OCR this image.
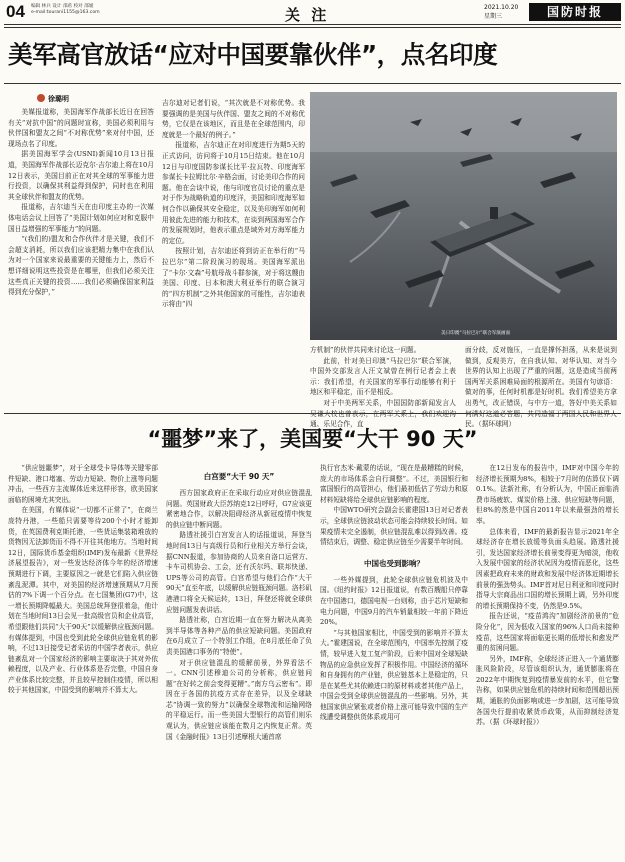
04 编辑 林兵 设计 邵希 校对 邵媛
e-mail:tourani1155@163.com	关 注	2021.10.20
星期三	国防时报
美军高官放话“应对中国要靠伙伴”，点名印度
徐璐明

美媒报道称，美国海军作战部长近日在回答有关“对抗中国”的问题时宣称，美国必须利用与伙伴国和盟友之间“不对称优势”来对付中国，还现场点名了印度。

据美国海军学会(USNI)新闻10月13日报道，美国海军作战部长迈克尔·吉尔迪上将在10月12日表示，美国目前正在对其全球的军事能力进行投资，以确保其利益得到保护，同时也在利用其全球伙伴和盟友的优势。

报道称，吉尔迪当天在由印度主办的一次媒体电话会议上回答了“美国计划如何应对和克服中国日益增强的军事能力”的问题。

“(我们的)盟友和合作伙伴才是关键，我们不会超支消耗，所以我们应该把精力集中在我们认为对一个国家来说最重要的关键能力上，然后不想详细说明这些投资是在哪里，但我们必须关注这些真正关键的投资……我们必须确保国家利益得到充分保护，”

吉尔迪对记者们说，“其次就是不对称优势。我要强调的是美国与伙伴国、盟友之间的不对称优势，它仅是在该地区，而且是在全球范围内，印度就是一个最好的例子。”

报道称，吉尔迪正在对印度进行为期5天的正式访问，访问将于10月15日结束。他在10月12日与印度国防参谋长比平·拉瓦特、印度海军参谋长卡拉姆比尔·辛格会面，讨论美印合作的问题。他在会谈中说，他与印度官员讨论的重点是对于作为战略轨道的印度洋，美国和印度海军如何合作以确保其安全稳定，以及美印海军如何利用彼此先进的能力和技术，在谈到两国海军合作的发展规划时，他表示重点是域外对方海军能力的定位。

按照计划，吉尔迪还将到访正在举行的“马拉巴尔”第二阶段演习的现场。美国海军派出了“卡尔·文森”号航母战斗群参演，对于将这艘由美国、印度、日本和澳大利亚举行的联合演习的“四方机制”之外其他国家的可能性，吉尔迪表示将由“四

美日印澳“马拉巴尔”联合军演画面

方机制”的伙伴共同来讨论这一问题。

此前，针对美日印澳“马拉巴尔”联合军演，中国外交部发言人汪文斌曾在例行记者会上表示：我们希望，有关国家的军事行动能够有利于地区和平稳定，而不是相反。

对于中美两军关系，中国国防部新闻发言人吴谦大校也曾表示，在两军关系上，我们欢迎沟通、乐见合作，直

面分歧，反对施压，一直是撑怀担荡，从来是说到做到，反观美方，在自我认知、对华认知、对当今世界的认知上出现了严重的问题，这是造成当前两国两军关系困难局面的根源所在。美国有句谚语：做对的事，任何时机都是好时机。我们希望美方拿出勇气，改正错误，与中方一道，答好中美关系如何满好这道必答题，共同造福于两国人民和世界人民。（据环球网）

“噩梦”来了，美国要“大干 90 天”

“供应链噩梦”，对于全球受卡导体等关键零部件短缺、港口堵塞、劳动力短缺、物价上涨等问题冲击，一些西方主流媒体近来这样形容，欧美国家面临的困境尤其突出。

在美国，有媒体说“一切都不正常了”，在商兰庞特丹港，一些船只需要等待200个小时才能卸货，在英国费利克斯托港，一些货运集装箱堆放的货物因无法卸货而不得不开往其他地方。当地时间12日，国际货币基金组织(IMF)发布最新《世界经济展望报告》，对一些发达经济体今年的经济增速预期进行下调，主要原因之一就是它们陷入供应链紊乱泥潭。其中，对美国的经济增速预期从7月预估的7%下调一个百分点。在七国集团(G7)中，这一增长预期降幅最大。美国总统拜登很着急，他计划在当地时间13日会见一批高级官员和企业高管，希望跟他们共同“大干90天”以缓解供应瓶颈问题。有媒体提到，中国也受到此轮全球供应链危机的影响，不过13日接受记者采访的中国学者表示，供应链紊乱对一个国家经济的影响主要取决于其对外依赖程度，以及产业、行业体系是否完整，中国自身产业体系比较完整，并且较早控制住疫情，所以相较于其他国家，中国受到的影响并不算太大。

白宫要“大干 90 天”

西方国家政府正在采取行动应对供应链混乱问题。英国财政大臣苏纳克12日呼吁，G7应该更紧密地合作，以解决阻碍经济从新冠疫情中恢复的供应链中断问题。

路透社援引白宫发言人的话报道说，拜登当地时间13日与高级行员和行业相关方举行会谈，据CNN报道，参加协商的人员来自洛口运营方、卡车司机协会、工会，还有沃尔玛、联邦快递、UPS等公司的高管。白宫希望与他们合作“大干90天”直至年底，以缓解供应链瓶颈问题。洛杉矶港港口将全天候运转，13日，拜登还将就全球供应链问题发表讲话。

路透社称，白宫近期一直在努力解决从离美到半导体等各种产品的供应短缺问题。美国政府在6月成立了一个特别工作组，在8月底任命了负责美国港口事务的“特使”。

对于供应链混乱的缓解前景，外界看法不一。CNN引述穆迪公司的分析称，供应链问题“在好转之前会变得更糟”。”南方乌云密布”。即因在于各国的抗疫方式存在差异，以及全球缺芯”协调一致的努力”以确保全球物流和运输网络的平稳运行。而一些美国大型银行的高管们则乐观认为，供应链应该能在数月之内恢复正常。英国《金融时报》13日引述摩根大通首席

执行官杰米·戴蒙的话说，“现在是最糟糕的时候，庞大的市场体系会自行调整”。不过，美国银行和富国银行的高管担心，他们最初低估了劳动力和原材料短缺将给全球供应链影响的程度。

中国WTO研究会副会长霍建国13日对记者表示，全球供应链波动状态可能会持续较长时间。如果疫情未完全遏制，供应链混乱难以得到改善。疫情结束后，调整、稳定供应链至少需要半年时间。

中国也受到影响？

一些外媒提到，此轮全球供应链危机波及中国。《纽约时报》12日报道说，有数百艘船只停靠在中国港口，德国电视一台则称，由于芯片短缺和电力问题，中国9月的汽车销量相较一年前下降近20%。

“与其他国家相比，中国受到的影响并不算太大。”霍建国说，在全球范围内，中国率先控制了疫情，较早进入复工复产阶段，后来中国对全球短缺物品的应急供应发挥了积极作用。中国经济的循环和自身拥有的产业链，供应链基本上是稳定的，只是在某些尤其依赖进口的原材料或者其他产品上，中国会受到全球供应链混乱的一些影响。另外，其他国家供应紧张或者价格上涨可能导致中国的生产线遭受调整供货体系或用可

在12日发布的报告中，IMF对中国今年的经济增长预期为8%，相较于7月时的估算仅下调0.1%。法新社称，有分析认为，中国正面临消费市场疲软、煤炭价格上涨、供应短缺等问题，但8%的然是中国自2011年以来最强劲的增长率。

总体来看，IMF的最新报告显示2021年全球经济存在增长放缓等负面头趋展。路透社援引，发达国家经济增长前景变得更为暗淡，他收入发展中国家的经济状况因为疫情而恶化，这些因素把政府未来的财政和发展中经济体近期增长前景的强劲势头。IMF首对尼日利亚和印度同时指导大宗商品出口国的增长预期上调，另外印度的增长预期保持不变，仍然是9.5%。

报告还说，“疫苗鸿沟”加剧经济前景的“危险分化”，因为低收入国家的96%人口尚未接种疫苗，这些国家将面临更长期的低增长和愈发严重的贫困问题。

另外，IMF称，全球经济正进入一个通货膨胀风险阶段，尽管该组织认为，通货膨胀将在2022年中期恢复到疫情暴发前的水平，但它警告称，如果供应链危机的持续时间和范围超出预期，通胀的负面影响或进一步加剧，这可能导致各国央行提前收紧货币政策，从而抑制经济复苏。（据《环球时报》）
